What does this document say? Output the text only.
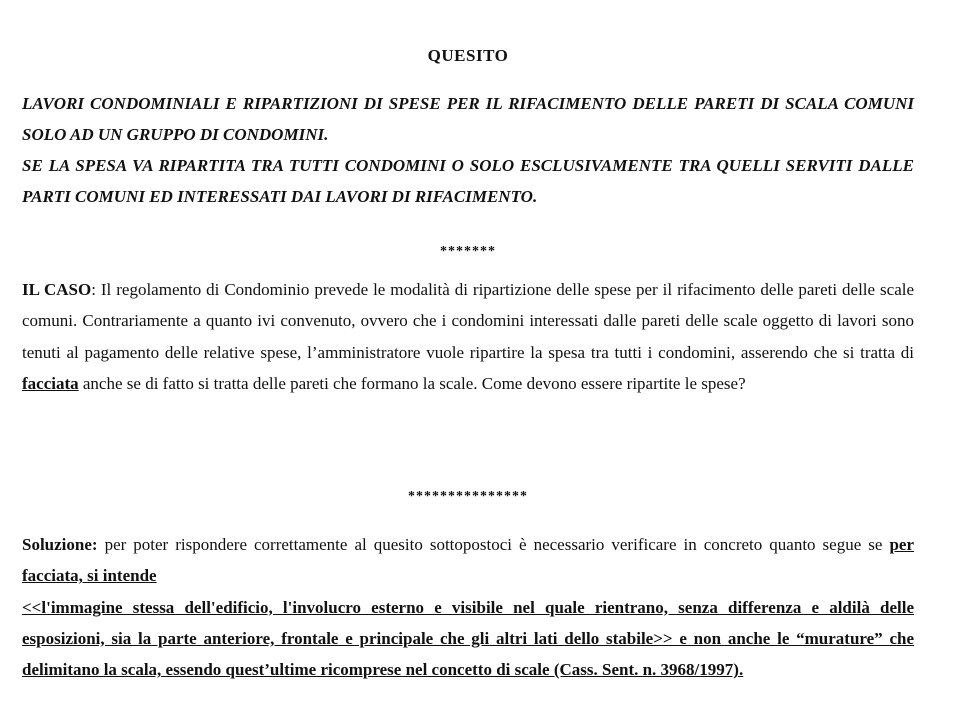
QUESITO

LAVORI CONDOMINIALI E RIPARTIZIONI DI SPESE PER IL RIFACIMENTO DELLE PARETI DI SCALA COMUNI SOLO AD UN GRUPPO DI CONDOMINI.

SE LA SPESA VA RIPARTITA TRA TUTTI CONDOMINI O SOLO ESCLUSIVAMENTE TRA QUELLI SERVITI DALLE PARTI COMUNI ED INTERESSATI DAI LAVORI DI RIFACIMENTO.

*******

IL CASO: Il regolamento di Condominio prevede le modalità di ripartizione delle spese per il rifacimento delle pareti delle scale comuni. Contrariamente a quanto ivi convenuto, ovvero che i condomini interessati dalle pareti delle scale oggetto di lavori sono tenuti al pagamento delle relative spese, l’amministratore vuole ripartire la spesa tra tutti i condomini, asserendo che si tratta di facciata anche se di fatto si tratta delle pareti che formano la scale. Come devono essere ripartite le spese?

***************

Soluzione: per poter rispondere correttamente al quesito sottopostoci è necessario verificare in concreto quanto segue se per facciata, si intende

<<l'immagine stessa dell'edificio, l'involucro esterno e visibile nel quale rientrano, senza differenza e aldilà delle esposizioni, sia la parte anteriore, frontale e principale che gli altri lati dello stabile>> e non anche le “murature” che delimitano la scala, essendo quest’ultime ricomprese nel concetto di scale (Cass. Sent. n. 3968/1997).
